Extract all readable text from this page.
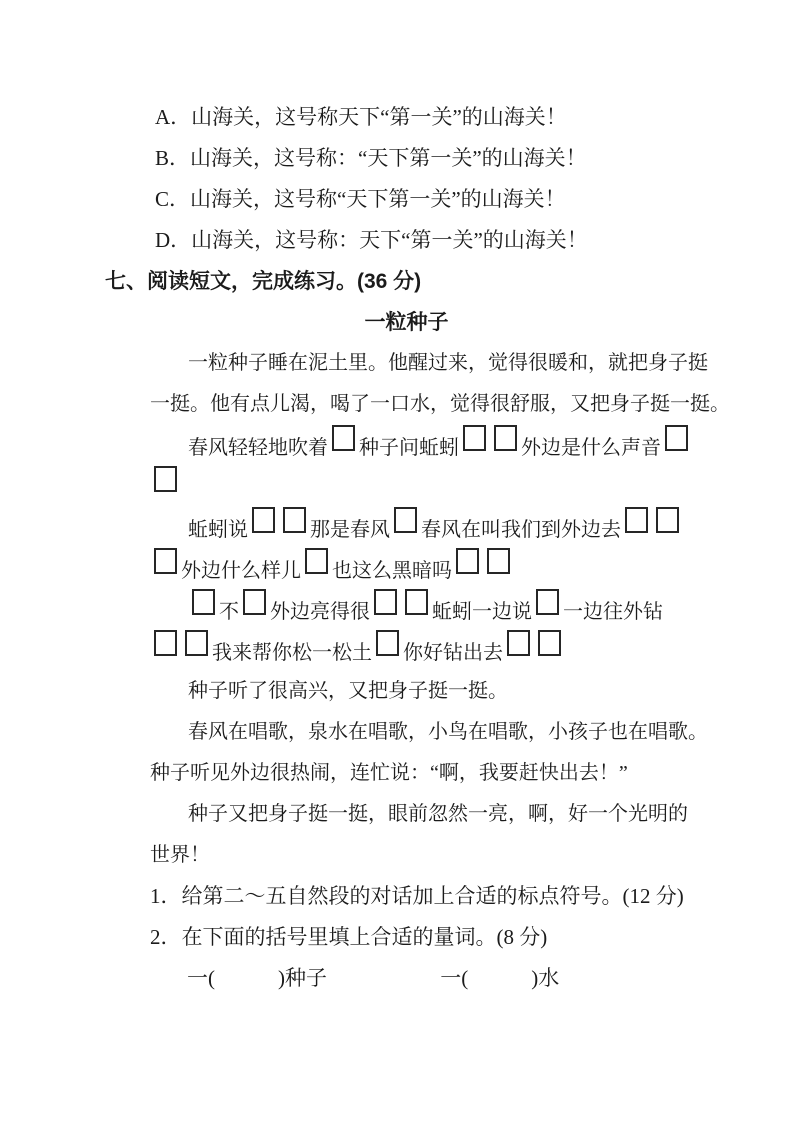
A．山海关，这号称天下“第一关”的山海关！
B．山海关，这号称：“天下第一关”的山海关！
C．山海关，这号称“天下第一关”的山海关！
D．山海关，这号称：天下“第一关”的山海关！
七、阅读短文，完成练习。(36 分)
一粒种子
一粒种子睡在泥土里。他醒过来，觉得很暖和，就把身子挺
一挺。他有点儿渴，喝了一口水，觉得很舒服，又把身子挺一挺。
春风轻轻地吹着 种子问蚯蚓	外边是什么声音
蚯蚓说	那是春风 春风在叫我们到外边去
外边什么样儿 也这么黑暗吗
不 外边亮得很	蚯蚓一边说 一边往外钻
我来帮你松一松土 你好钻出去
种子听了很高兴，又把身子挺一挺。
春风在唱歌，泉水在唱歌，小鸟在唱歌，小孩子也在唱歌。
种子听见外边很热闹，连忙说：“啊，我要赶快出去！”
种子又把身子挺一挺，眼前忽然一亮，啊，好一个光明的
世界！
1．给第二～五自然段的对话加上合适的标点符号。(12 分)
2．在下面的括号里填上合适的量词。(8 分)
一(　　　)种子	一(　　　)水
